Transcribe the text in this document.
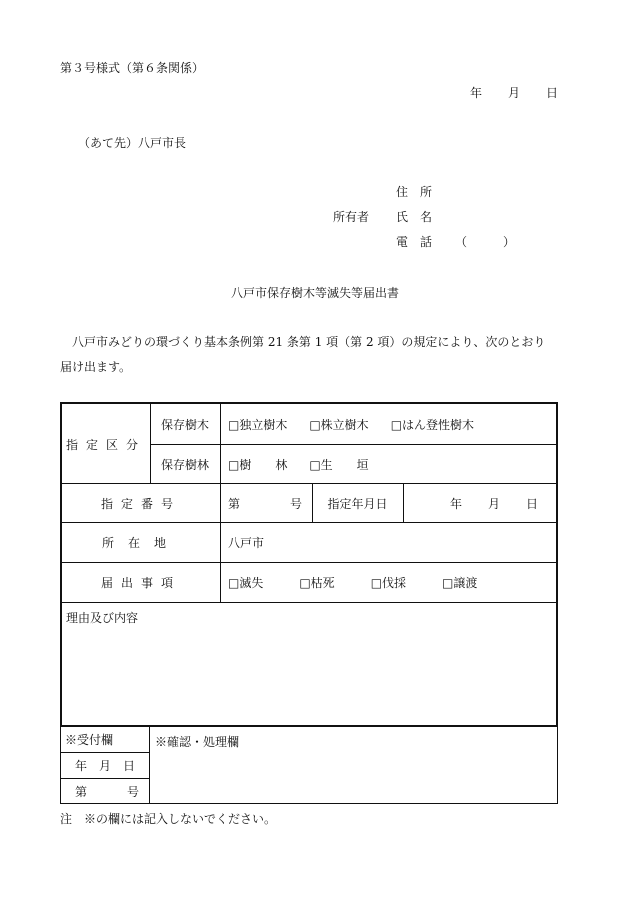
第３号様式（第６条関係）
年 月 日
（あて先）八戸市長
住　所
所有者 氏　名
電　話 （　　　）
八戸市保存樹木等滅失等届出書
八戸市みどりの環づくり基本条例第 21 条第 1 項（第 2 項）の規定により、次のとおり
届け出ます。
指定区分
保存樹木	□独立樹木 □株立樹木 □はん登性樹木
保存樹林	□樹　　林 □生　　垣
指定番号	第	号	指定年月日	年	月	日
所在地	八戸市
届出事項	□滅失	□枯死	□伐採	□譲渡
理由及び内容
※受付欄
年　月　日
第	号
※確認・処理欄
注　※の欄には記入しないでください。
